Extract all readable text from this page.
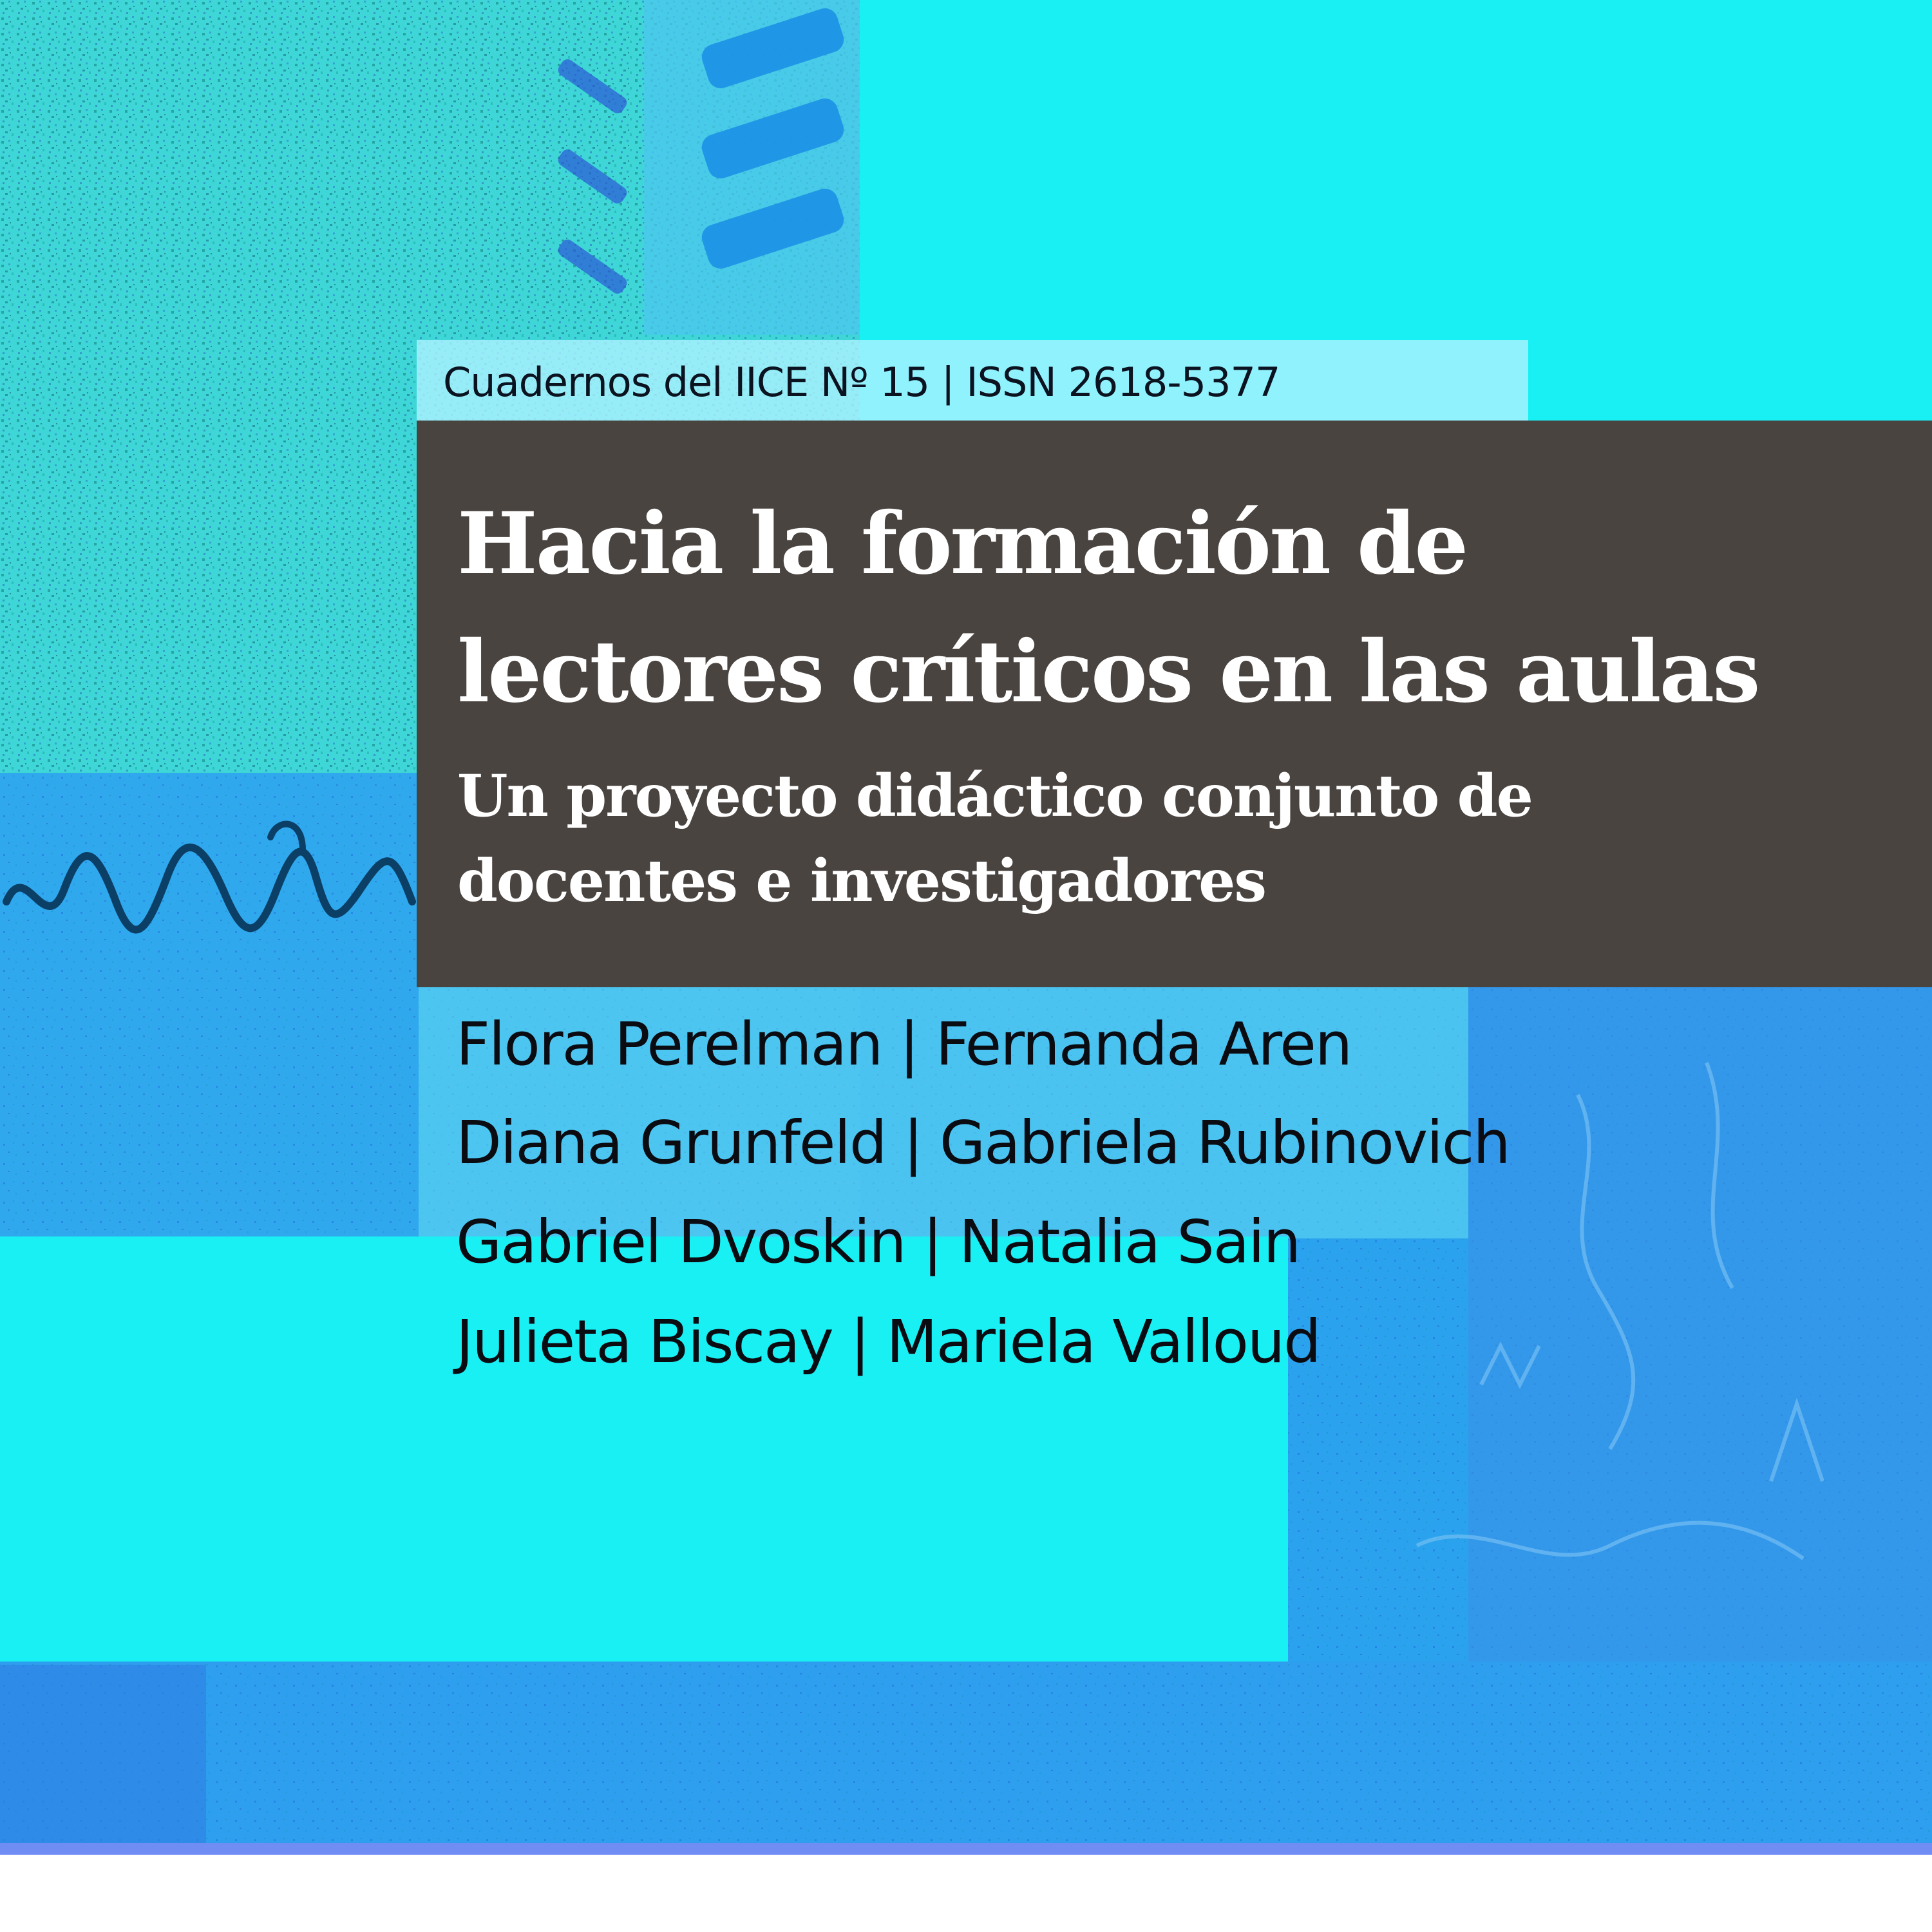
Cuadernos del IICE Nº 15 | ISSN 2618-5377
Hacia la formación de
lectores críticos en las aulas
Un proyecto didáctico conjunto de
docentes e investigadores
Flora Perelman | Fernanda Aren
Diana Grunfeld | Gabriela Rubinovich
Gabriel Dvoskin | Natalia Sain
Julieta Biscay | Mariela Valloud
